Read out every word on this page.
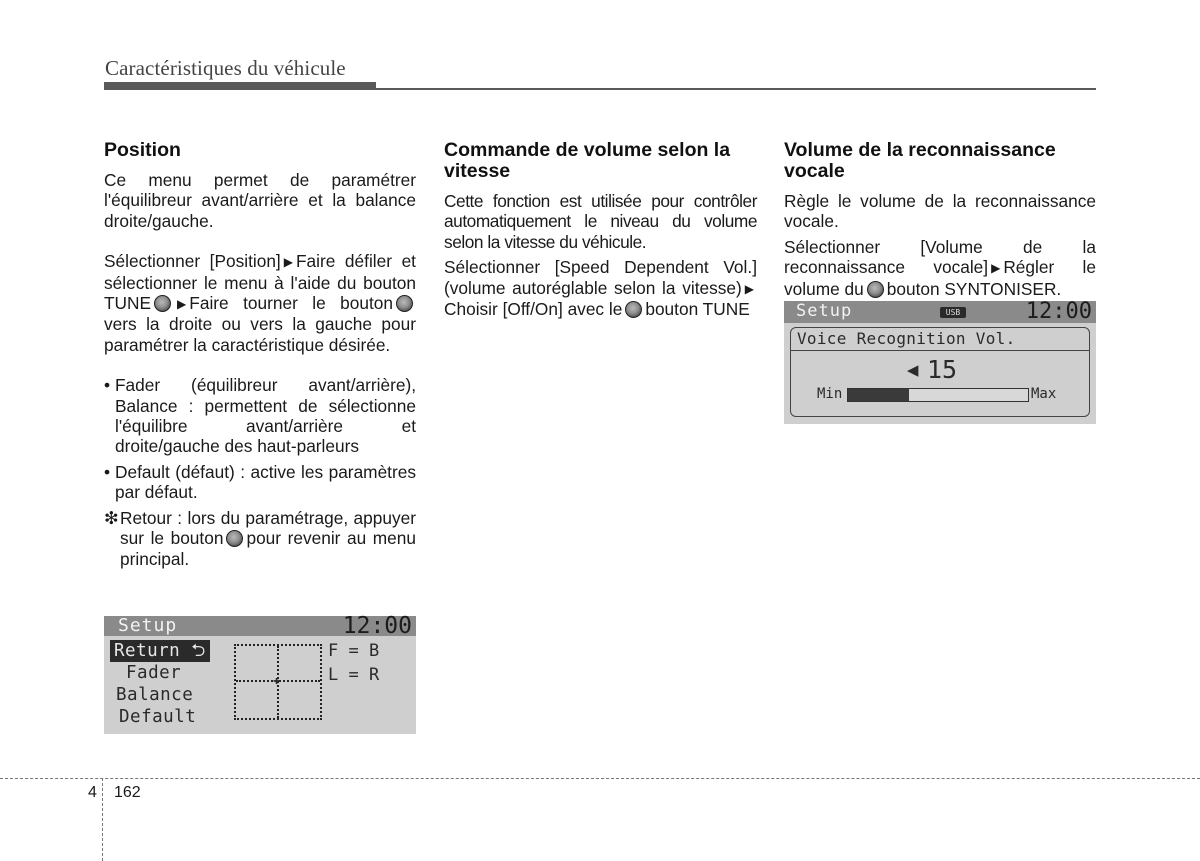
Caractéristiques du véhicule
Position

Ce menu permet de paramétrer l'équilibreur avant/arrière et la balance droite/gauche.

Sélectionner [Position] ▶ Faire défiler et sélectionner le menu à l'aide du bouton TUNE ▶ Faire tourner le boutonvers la droite ou vers la gauche pour paramétrer la caractéristique désirée.

• Fader (équilibreur avant/arrière), Balance : permettent de sélectionne l'équilibre avant/arrière et droite/gauche des haut-parleurs
• Default (défaut) : active les paramètres par défaut.
❇ Retour : lors du paramétrage, appuyer sur le bouton pour revenir au menu principal.
Commande de volume selon la vitesse

Cette fonction est utilisée pour contrôler automatiquement le niveau du volume selon la vitesse du véhicule.

Sélectionner [Speed Dependent Vol.] (volume autoréglable selon la vitesse) ▶Choisir [Off/On] avec le bouton TUNE

Volume de la reconnaissance vocale

Règle le volume de la reconnaissance vocale.

Sélectionner [Volume de la reconnaissance vocale] ▶ Régler le volume du bouton SYNTONISER.

Setup	12:00
Return ⮌
Fader
Balance
Default
✚
F = B
L = R
Setup	USB	12:00
Voice Recognition Vol.
◀ 15
Min	Max
4 162
